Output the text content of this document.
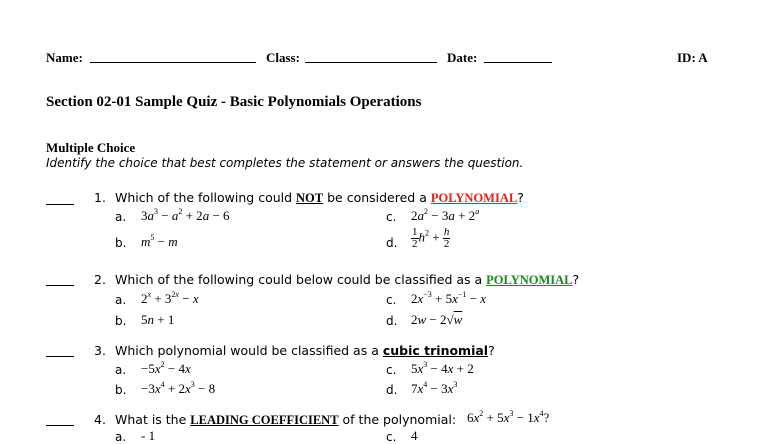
Name:	Class:	Date:	ID: A
Section 02-01 Sample Quiz - Basic Polynomials Operations
Multiple Choice
Identify the choice that best completes the statement or answers the question.
1. Which of the following could NOT be considered a POLYNOMIAL?
a. $3a^3 - a^2 + 2a - 6$	c. $2a^2 - 3a + 2^a$
b. $m^5 - m$	d. $\frac{1}{2} h^2 + \frac{h}{2}$
2. Which of the following could below could be classified as a POLYNOMIAL?
a. $2^x + 3^{2x} - x$	c. $2x^{-3} + 5x^{-1} - x$
b. 5n + 1	d. 2w − 2√w
3. Which polynomial would be classified as a cubic trinomial?
a. $-5x^2 - 4x$	c. $5x^3 - 4x + 2$
b. $-3x^4 + 2x^3 - 8$	d. $7x^4 - 3x^3$
4. What is the LEADING COEFFICIENT of the polynomial: $6x^2 + 5x^3 - 1x^4$?
a. - 1	c. 4
